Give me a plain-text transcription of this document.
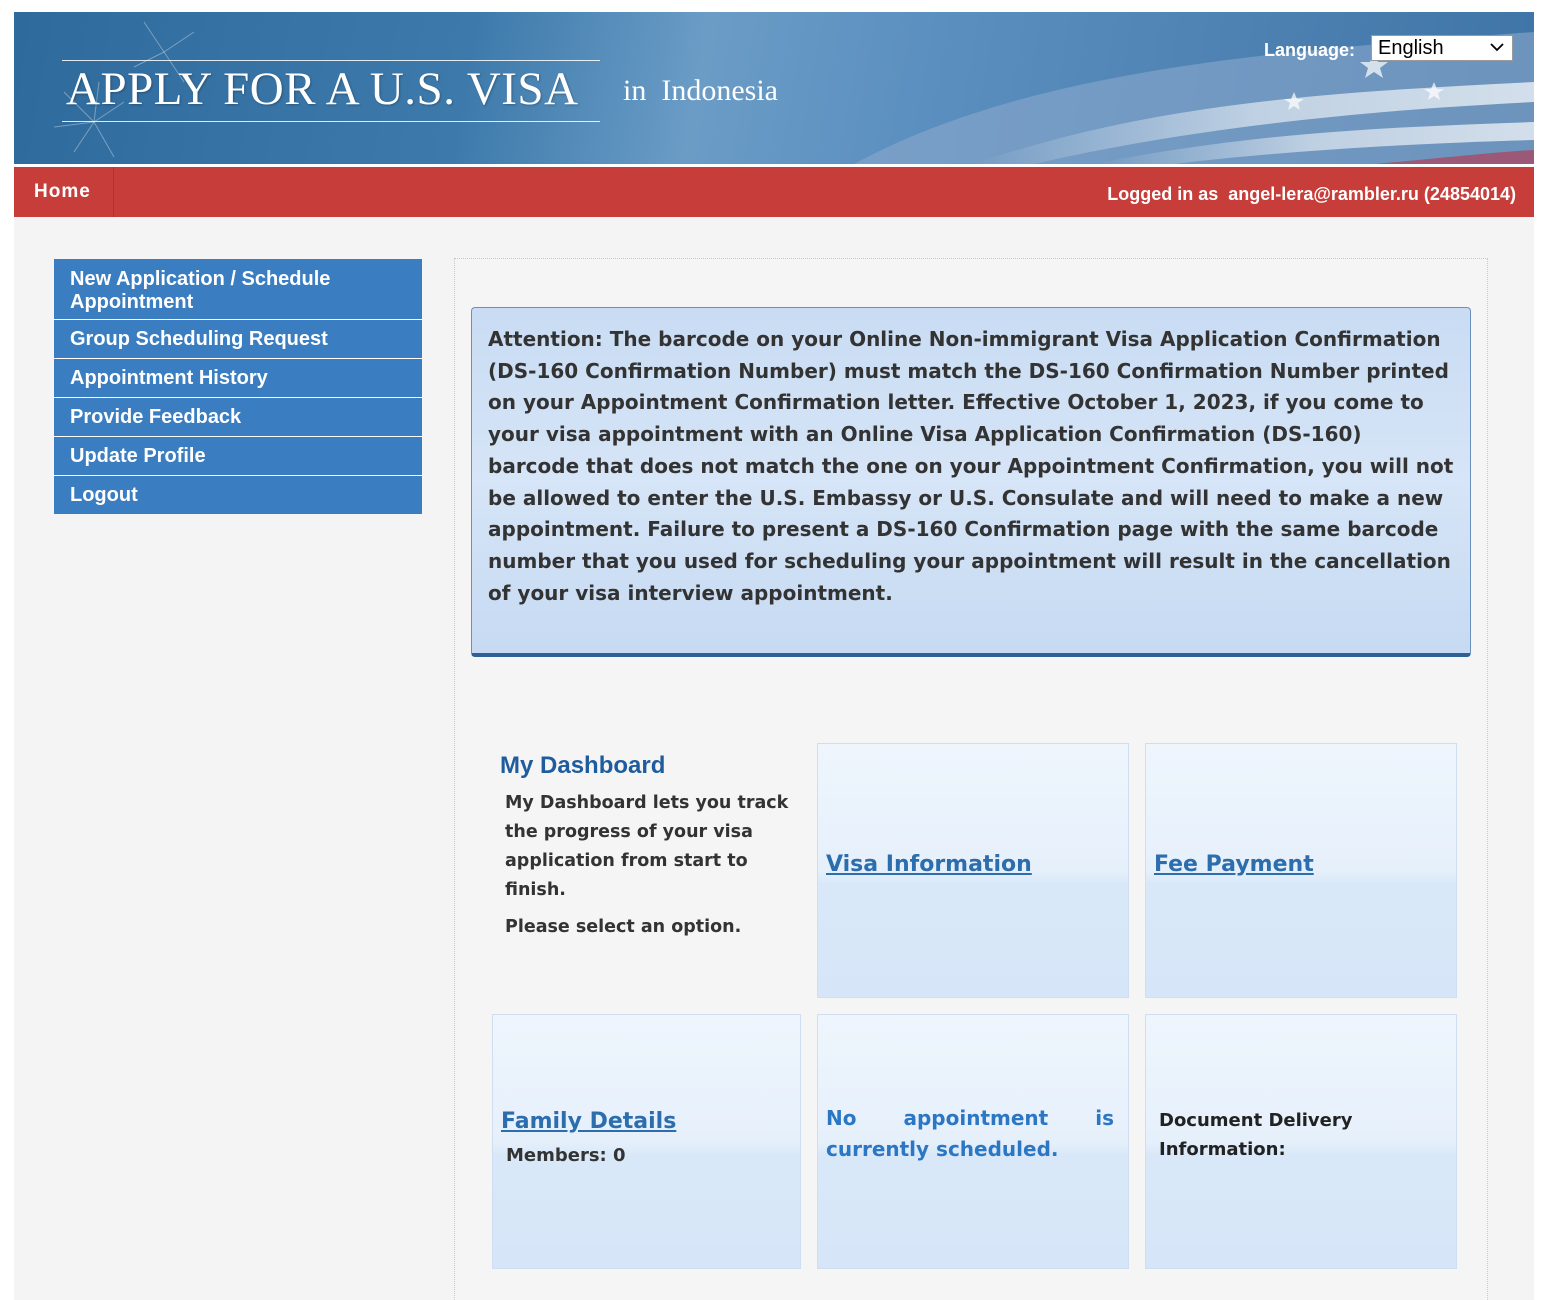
APPLY FOR A U.S. VISA in Indonesia
Language:	English
Home	Logged in as angel-lera@rambler.ru (24854014)
New Application / Schedule Appointment
Group Scheduling Request
Appointment History
Provide Feedback
Update Profile
Logout
Attention: The barcode on your Online Non-immigrant Visa Application Confirmation (DS-160 Confirmation Number) must match the DS-160 Confirmation Number printed on your Appointment Confirmation letter. Effective October 1, 2023, if you come to your visa appointment with an Online Visa Application Confirmation (DS-160) barcode that does not match the one on your Appointment Confirmation, you will not be allowed to enter the U.S. Embassy or U.S. Consulate and will need to make a new appointment. Failure to present a DS-160 Confirmation page with the same barcode number that you used for scheduling your appointment will result in the cancellation of your visa interview appointment.
My Dashboard
My Dashboard lets you track the progress of your visa application from start to finish.
Please select an option.
Visa Information	Fee Payment
Family Details
Members: 0
No appointment is currently scheduled.
Document Delivery Information:
